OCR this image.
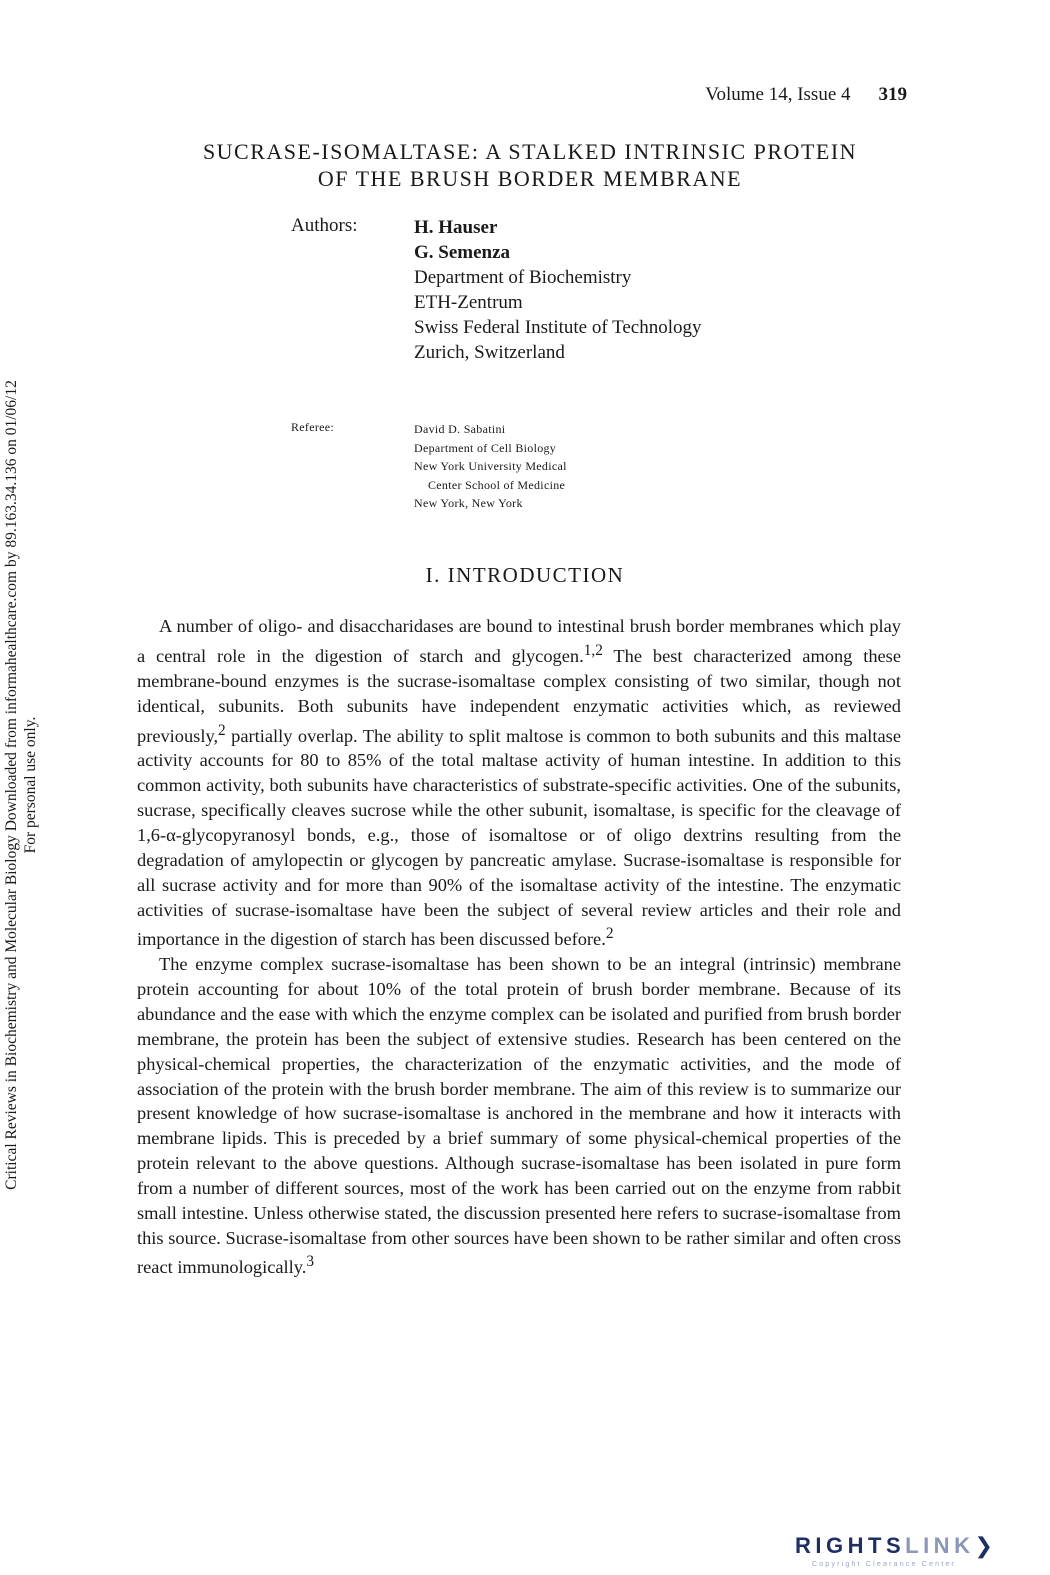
Volume 14, Issue 4 319
SUCRASE-ISOMALTASE: A STALKED INTRINSIC PROTEIN
OF THE BRUSH BORDER MEMBRANE
Authors:	H. Hauser
G. Semenza
Department of Biochemistry
ETH-Zentrum
Swiss Federal Institute of Technology
Zurich, Switzerland
Referee:	David D. Sabatini
Department of Cell Biology
New York University Medical
Center School of Medicine
New York, New York
I. INTRODUCTION

A number of oligo- and disaccharidases are bound to intestinal brush border membranes which play a central role in the digestion of starch and glycogen.$^{1,2}$ The best characterized among these membrane-bound enzymes is the sucrase-isomaltase complex consisting of two similar, though not identical, subunits. Both subunits have independent enzymatic activities which, as reviewed previously,$^2$ partially overlap. The ability to split maltose is common to both subunits and this maltase activity accounts for 80 to 85% of the total maltase activity of human intestine. In addition to this common activity, both subunits have characteristics of substrate-specific activities. One of the subunits, sucrase, specifically cleaves sucrose while the other subunit, isomaltase, is specific for the cleavage of 1,6-α-glycopyranosyl bonds, e.g., those of isomaltose or of oligo dextrins resulting from the degradation of amylopectin or glycogen by pancreatic amylase. Sucrase-isomaltase is responsible for all sucrase activity and for more than 90% of the isomaltase activity of the intestine. The enzymatic activities of sucrase-isomaltase have been the subject of several review articles and their role and importance in the digestion of starch has been discussed before.$^2$

The enzyme complex sucrase-isomaltase has been shown to be an integral (intrinsic) membrane protein accounting for about 10% of the total protein of brush border membrane. Because of its abundance and the ease with which the enzyme complex can be isolated and purified from brush border membrane, the protein has been the subject of extensive studies. Research has been centered on the physical-chemical properties, the characterization of the enzymatic activities, and the mode of association of the protein with the brush border membrane. The aim of this review is to summarize our present knowledge of how sucrase-isomaltase is anchored in the membrane and how it interacts with membrane lipids. This is preceded by a brief summary of some physical-chemical properties of the protein relevant to the above questions. Although sucrase-isomaltase has been isolated in pure form from a number of different sources, most of the work has been carried out on the enzyme from rabbit small intestine. Unless otherwise stated, the discussion presented here refers to sucrase-isomaltase from this source. Sucrase-isomaltase from other sources have been shown to be rather similar and often cross react immunologically.$^3$

Critical Reviews in Biochemistry and Molecular Biology Downloaded from informahealthcare.com by 89.163.34.136 on 01/06/12 For personal use only.
RIGHTSLINK❯
Copyright Clearance Center
